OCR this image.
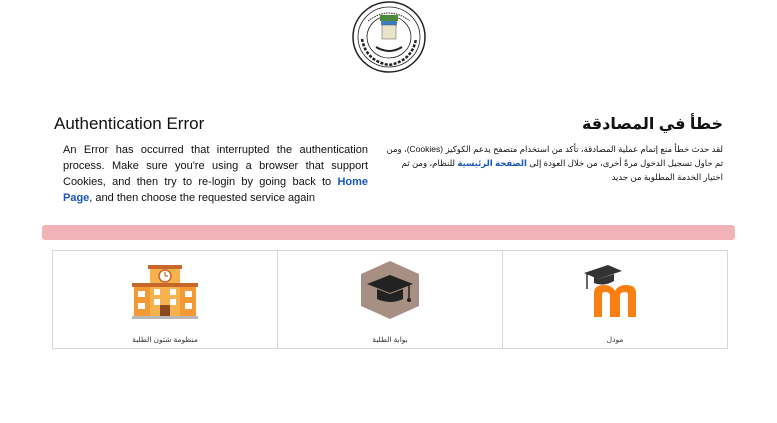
Authentication Error
An Error has occurred that interrupted the authentication process. Make sure you're using a browser that support Cookies, and then try to re-login by going back to Home Page, and then choose the requested service again
خطأ في المصادقة
لقد حدث خطأ منع إتمام عملية المصادقة، تأكد من استخدام متصفح يدعم الكوكيز (Cookies)، ومن ثم حاول تسجيل الدخول مرةً أخرى، من خلال العودة إلى الصفحة الرئيسية للنظام، ومن ثم اختيار الخدمة المطلوبة من جديد
منظومة شئون الطلبة	بوابة الطلبة	مودل
